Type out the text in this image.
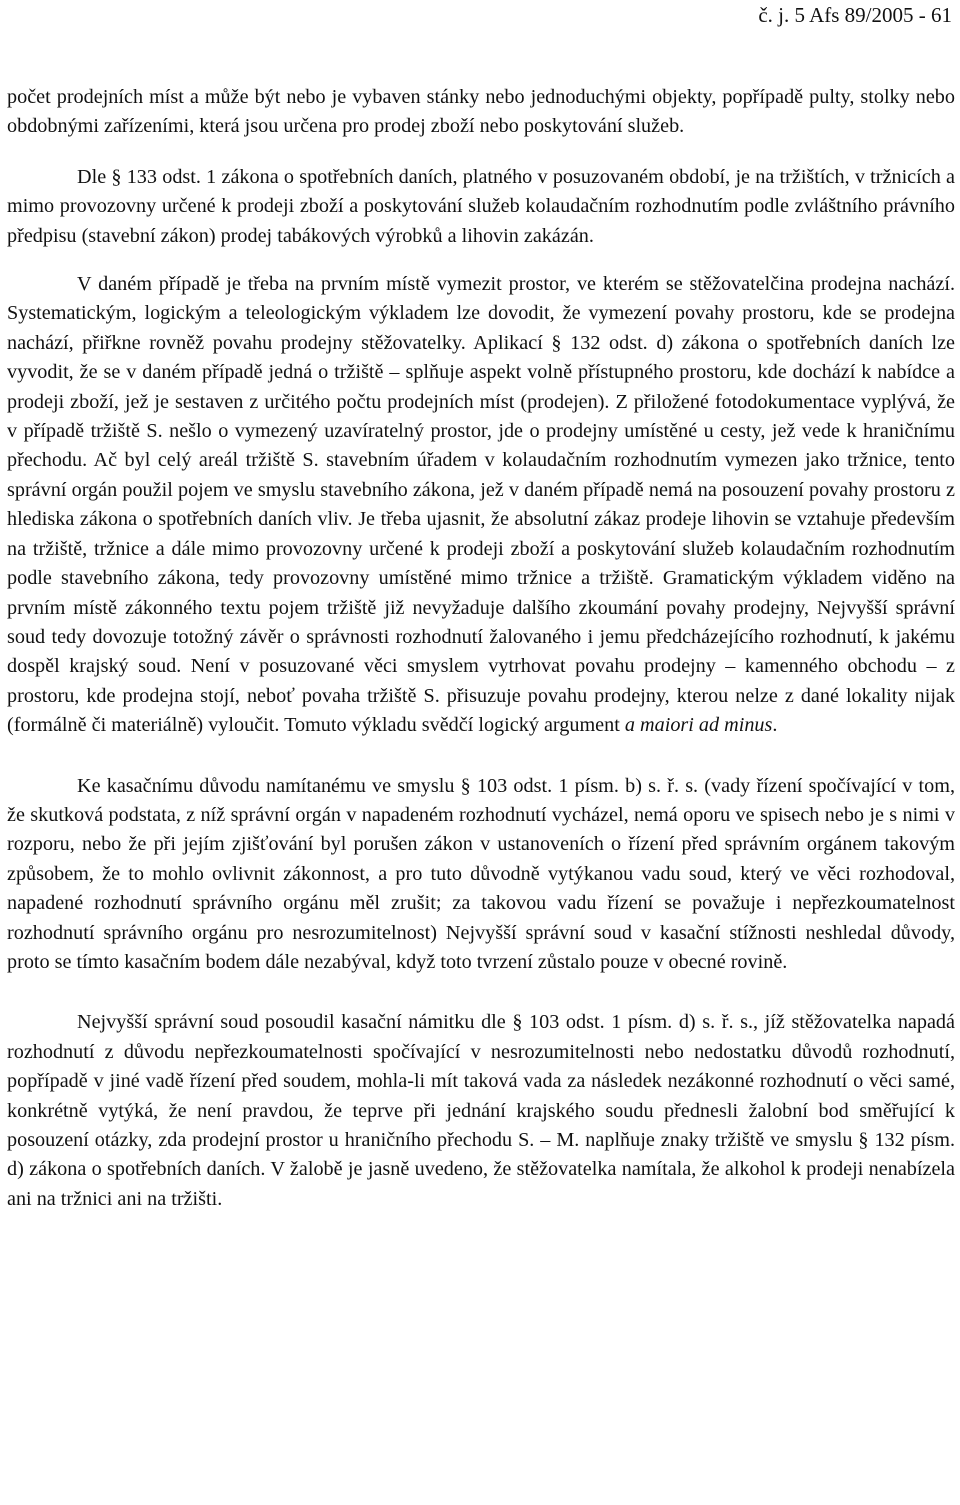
č. j. 5 Afs 89/2005 - 61

počet prodejních míst a může být nebo je vybaven stánky nebo jednoduchými objekty, popřípadě pulty, stolky nebo obdobnými zařízeními, která jsou určena pro prodej zboží nebo poskytování služeb.

Dle § 133 odst. 1 zákona o spotřebních daních, platného v posuzovaném období, je na tržištích, v tržnicích a mimo provozovny určené k prodeji zboží a poskytování služeb kolaudačním rozhodnutím podle zvláštního právního předpisu (stavební zákon) prodej tabákových výrobků a lihovin zakázán.

V daném případě je třeba na prvním místě vymezit prostor, ve kterém se stěžovatelčina prodejna nachází. Systematickým, logickým a teleologickým výkladem lze dovodit, že vymezení povahy prostoru, kde se prodejna nachází, přiřkne rovněž povahu prodejny stěžovatelky. Aplikací § 132 odst. d) zákona o spotřebních daních lze vyvodit, že se v daném případě jedná o tržiště – splňuje aspekt volně přístupného prostoru, kde dochází k nabídce a prodeji zboží, jež je sestaven z určitého počtu prodejních míst (prodejen). Z přiložené fotodokumentace vyplývá, že v případě tržiště S. nešlo o vymezený uzavíratelný prostor, jde o prodejny umístěné u cesty, jež vede k hraničnímu přechodu. Ač byl celý areál tržiště S. stavebním úřadem v kolaudačním rozhodnutím vymezen jako tržnice, tento správní orgán použil pojem ve smyslu stavebního zákona, jež v daném případě nemá na posouzení povahy prostoru z hlediska zákona o spotřebních daních vliv. Je třeba ujasnit, že absolutní zákaz prodeje lihovin se vztahuje především na tržiště, tržnice a dále mimo provozovny určené k prodeji zboží a poskytování služeb kolaudačním rozhodnutím podle stavebního zákona, tedy provozovny umístěné mimo tržnice a tržiště. Gramatickým výkladem viděno na prvním místě zákonného textu pojem tržiště již nevyžaduje dalšího zkoumání povahy prodejny, Nejvyšší správní soud tedy dovozuje totožný závěr o správnosti rozhodnutí žalovaného i jemu předcházejícího rozhodnutí, k jakému dospěl krajský soud. Není v posuzované věci smyslem vytrhovat povahu prodejny – kamenného obchodu – z prostoru, kde prodejna stojí, neboť povaha tržiště S. přisuzuje povahu prodejny, kterou nelze z dané lokality nijak (formálně či materiálně) vyloučit. Tomuto výkladu svědčí logický argument a maiori ad minus.

Ke kasačnímu důvodu namítanému ve smyslu § 103 odst. 1 písm. b) s. ř. s. (vady řízení spočívající v tom, že skutková podstata, z níž správní orgán v napadeném rozhodnutí vycházel, nemá oporu ve spisech nebo je s nimi v rozporu, nebo že při jejím zjišťování byl porušen zákon v ustanoveních o řízení před správním orgánem takovým způsobem, že to mohlo ovlivnit zákonnost, a pro tuto důvodně vytýkanou vadu soud, který ve věci rozhodoval, napadené rozhodnutí správního orgánu měl zrušit; za takovou vadu řízení se považuje i nepřezkoumatelnost rozhodnutí správního orgánu pro nesrozumitelnost) Nejvyšší správní soud v kasační stížnosti neshledal důvody, proto se tímto kasačním bodem dále nezabýval, když toto tvrzení zůstalo pouze v obecné rovině.

Nejvyšší správní soud posoudil kasační námitku dle § 103 odst. 1 písm. d) s. ř. s., jíž stěžovatelka napadá rozhodnutí z důvodu nepřezkoumatelnosti spočívající v nesrozumitelnosti nebo nedostatku důvodů rozhodnutí, popřípadě v jiné vadě řízení před soudem, mohla-li mít taková vada za následek nezákonné rozhodnutí o věci samé, konkrétně vytýká, že není pravdou, že teprve při jednání krajského soudu přednesli žalobní bod směřující k posouzení otázky, zda prodejní prostor u hraničního přechodu S. – M. naplňuje znaky tržiště ve smyslu § 132 písm. d) zákona o spotřebních daních. V žalobě je jasně uvedeno, že stěžovatelka namítala, že alkohol k prodeji nenabízela ani na tržnici ani na tržišti.
